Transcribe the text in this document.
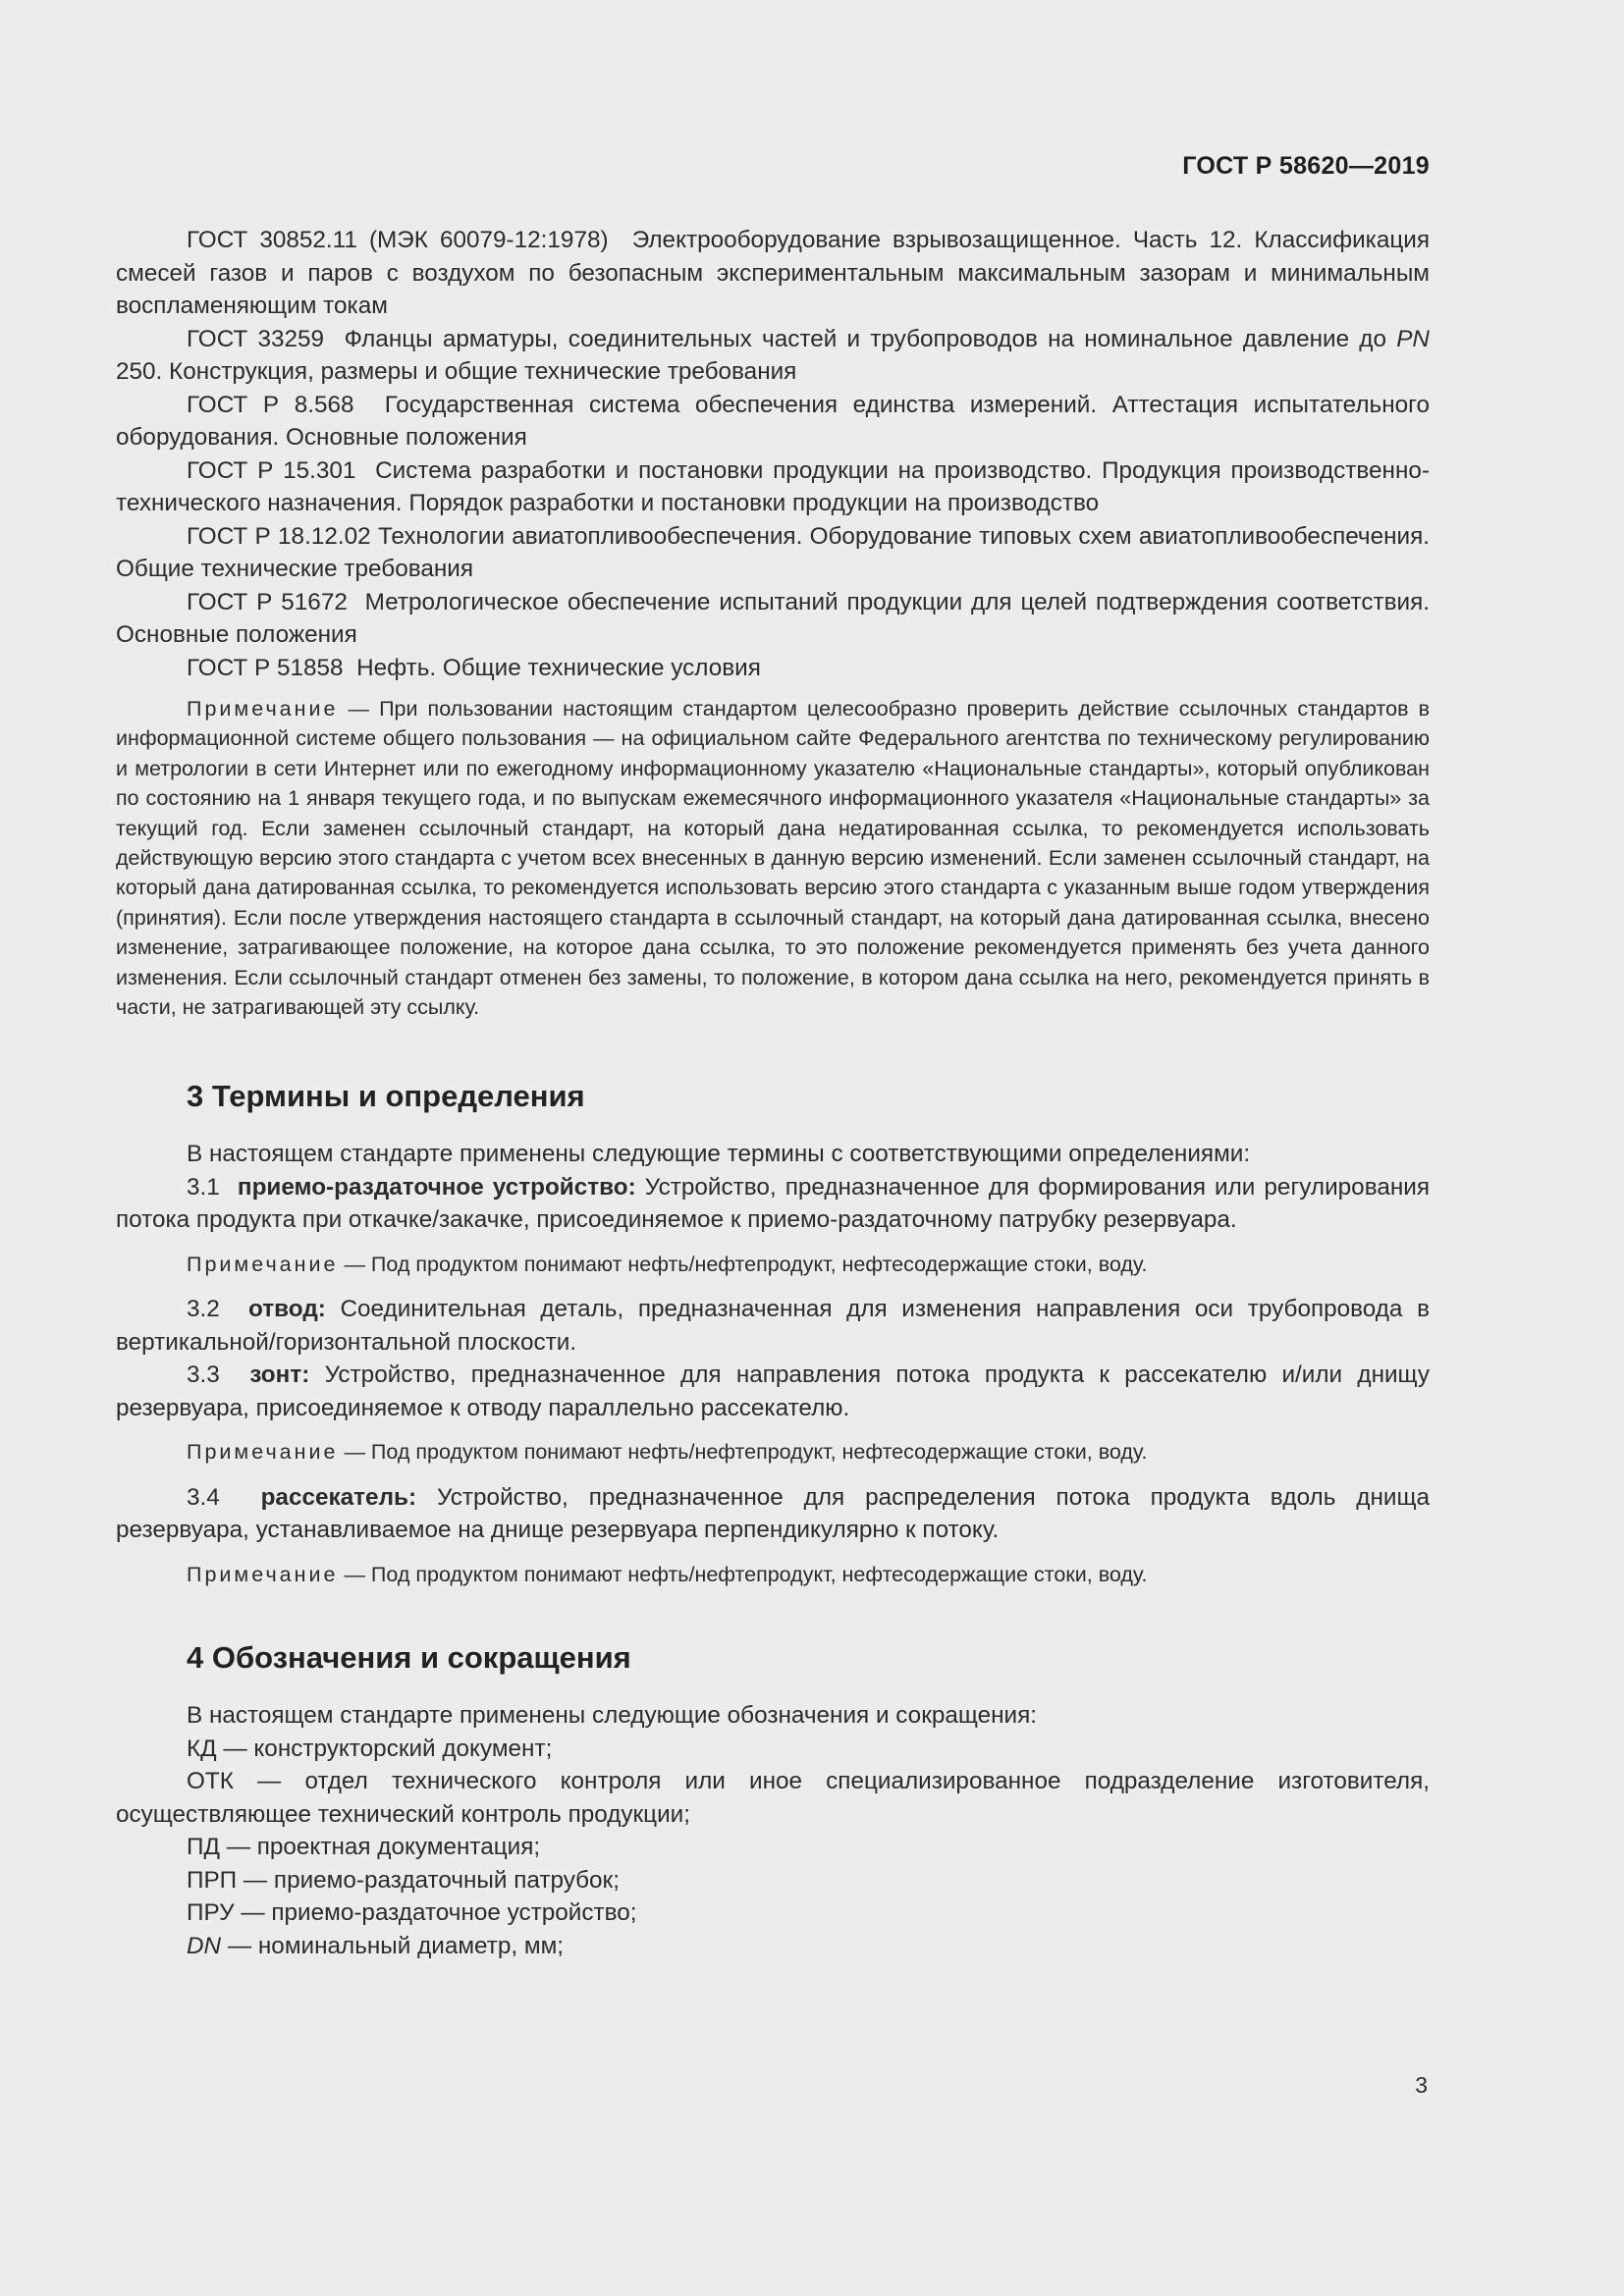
ГОСТ Р 58620—2019

ГОСТ 30852.11 (МЭК 60079-12:1978) Электрооборудование взрывозащищенное. Часть 12. Классификация смесей газов и паров с воздухом по безопасным экспериментальным максимальным зазорам и минимальным воспламеняющим токам

ГОСТ 33259 Фланцы арматуры, соединительных частей и трубопроводов на номинальное давление до PN 250. Конструкция, размеры и общие технические требования

ГОСТ Р 8.568 Государственная система обеспечения единства измерений. Аттестация испытательного оборудования. Основные положения

ГОСТ Р 15.301 Система разработки и постановки продукции на производство. Продукция производственно-технического назначения. Порядок разработки и постановки продукции на производство

ГОСТ Р 18.12.02 Технологии авиатопливообеспечения. Оборудование типовых схем авиатопливообеспечения. Общие технические требования

ГОСТ Р 51672 Метрологическое обеспечение испытаний продукции для целей подтверждения соответствия. Основные положения

ГОСТ Р 51858 Нефть. Общие технические условия

Примечание — При пользовании настоящим стандартом целесообразно проверить действие ссылочных стандартов в информационной системе общего пользования — на официальном сайте Федерального агентства по техническому регулированию и метрологии в сети Интернет или по ежегодному информационному указателю «Национальные стандарты», который опубликован по состоянию на 1 января текущего года, и по выпускам ежемесячного информационного указателя «Национальные стандарты» за текущий год. Если заменен ссылочный стандарт, на который дана недатированная ссылка, то рекомендуется использовать действующую версию этого стандарта с учетом всех внесенных в данную версию изменений. Если заменен ссылочный стандарт, на который дана датированная ссылка, то рекомендуется использовать версию этого стандарта с указанным выше годом утверждения (принятия). Если после утверждения настоящего стандарта в ссылочный стандарт, на который дана датированная ссылка, внесено изменение, затрагивающее положение, на которое дана ссылка, то это положение рекомендуется применять без учета данного изменения. Если ссылочный стандарт отменен без замены, то положение, в котором дана ссылка на него, рекомендуется принять в части, не затрагивающей эту ссылку.

3 Термины и определения

В настоящем стандарте применены следующие термины с соответствующими определениями:

3.1 приемо-раздаточное устройство: Устройство, предназначенное для формирования или регулирования потока продукта при откачке/закачке, присоединяемое к приемо-раздаточному патрубку резервуара.

Примечание — Под продуктом понимают нефть/нефтепродукт, нефтесодержащие стоки, воду.

3.2 отвод: Соединительная деталь, предназначенная для изменения направления оси трубопровода в вертикальной/горизонтальной плоскости.

3.3 зонт: Устройство, предназначенное для направления потока продукта к рассекателю и/или днищу резервуара, присоединяемое к отводу параллельно рассекателю.

Примечание — Под продуктом понимают нефть/нефтепродукт, нефтесодержащие стоки, воду.

3.4 рассекатель: Устройство, предназначенное для распределения потока продукта вдоль днища резервуара, устанавливаемое на днище резервуара перпендикулярно к потоку.

Примечание — Под продуктом понимают нефть/нефтепродукт, нефтесодержащие стоки, воду.

4 Обозначения и сокращения

В настоящем стандарте применены следующие обозначения и сокращения:

КД — конструкторский документ;

ОТК — отдел технического контроля или иное специализированное подразделение изготовителя, осуществляющее технический контроль продукции;

ПД — проектная документация;

ПРП — приемо-раздаточный патрубок;

ПРУ — приемо-раздаточное устройство;

DN — номинальный диаметр, мм;

3
